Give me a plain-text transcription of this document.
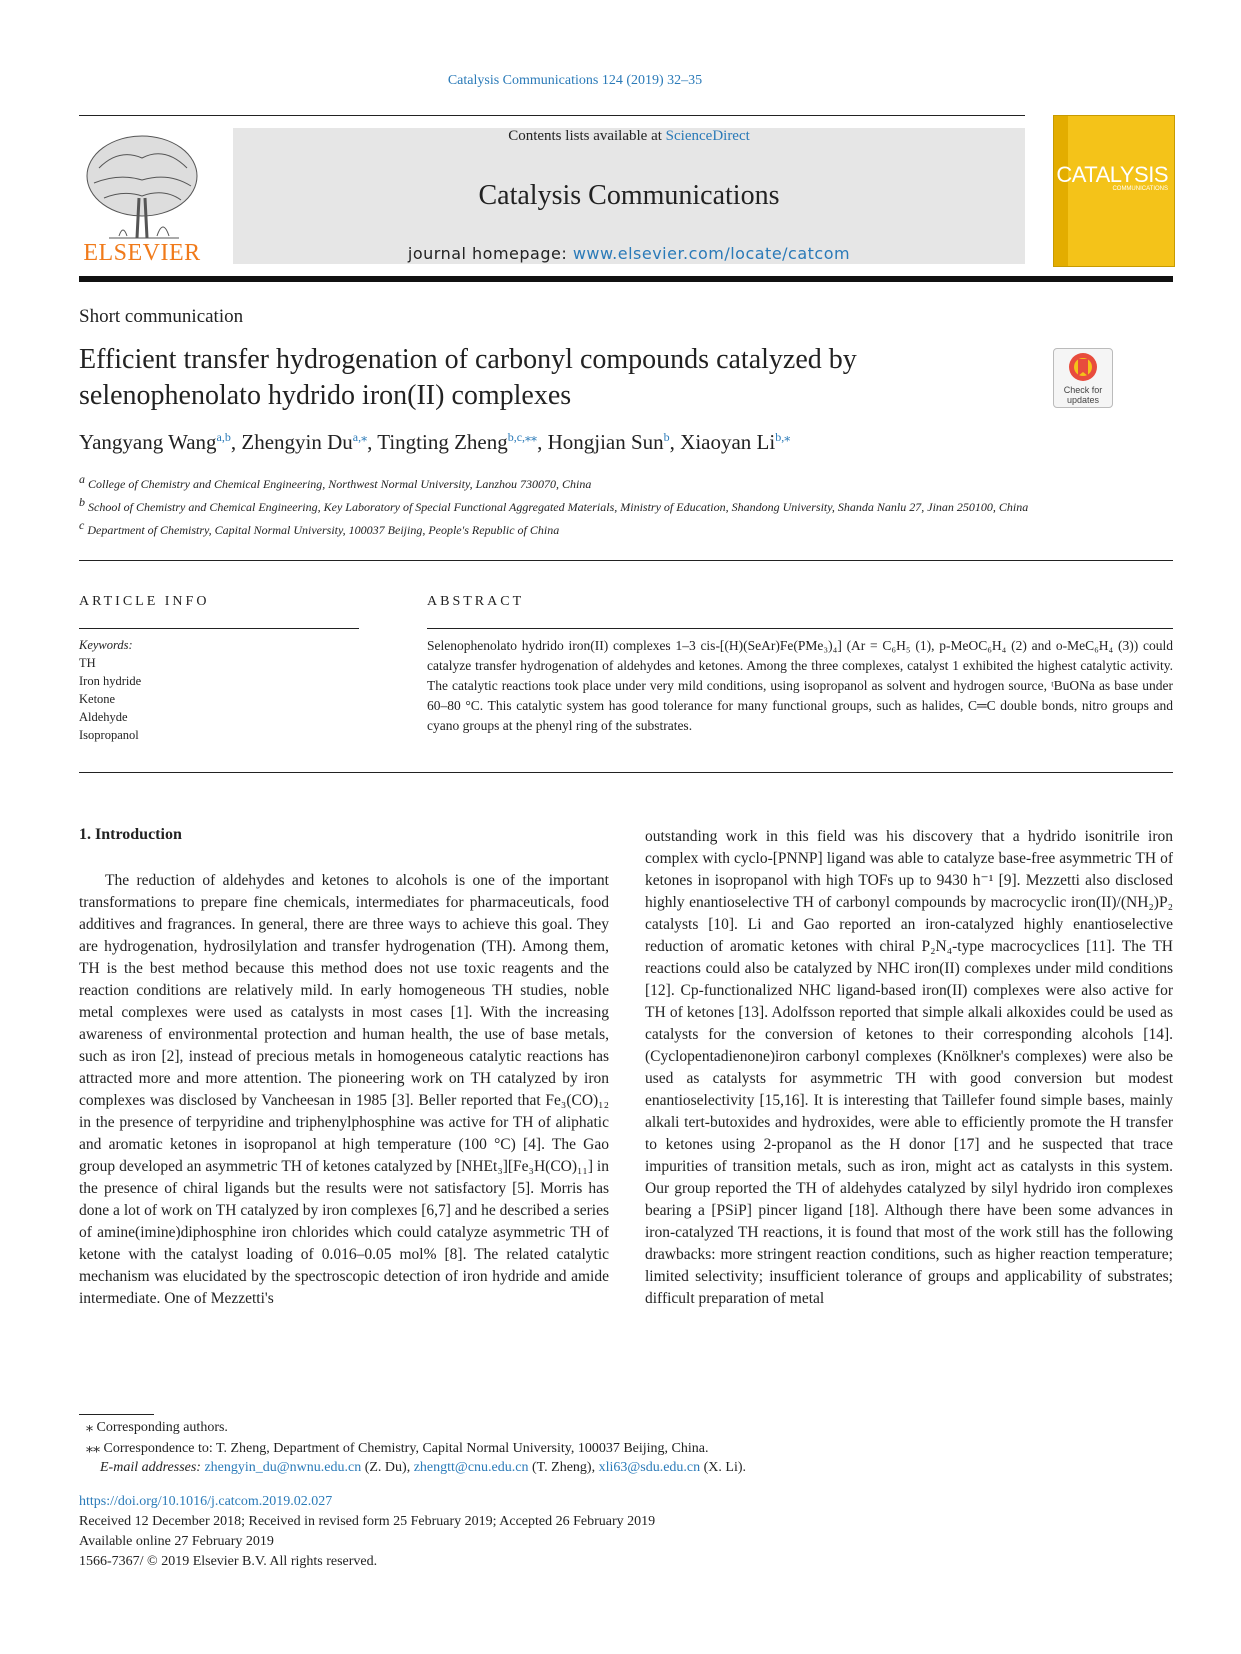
Catalysis Communications 124 (2019) 32–35
ELSEVIER
Contents lists available at ScienceDirect
Catalysis Communications
journal homepage: www.elsevier.com/locate/catcom
CATALYSIS
COMMUNICATIONS
Short communication
Efficient transfer hydrogenation of carbonyl compounds catalyzed by selenophenolato hydrido iron(II) complexes	Check for updates
Yangyang Wang$^{a,b}$, Zhengyin $Du^{a,⁎}$, Tingting Zheng$^{b,c,⁎⁎}$, Hongjian Sun$^b$, Xiaoyan $Li^{b,⁎}$
$^a$ College of Chemistry and Chemical Engineering, Northwest Normal University, Lanzhou 730070, China
$^b$ School of Chemistry and Chemical Engineering, Key Laboratory of Special Functional Aggregated Materials, Ministry of Education, Shandong University, Shanda Nanlu 27, Jinan 250100, China
$^c$ Department of Chemistry, Capital Normal University, 100037 Beijing, People's Republic of China
ARTICLE INFO	ABSTRACT
Keywords:
TH
Iron hydride
Ketone
Aldehyde
Isopropanol
Selenophenolato hydrido iron(II) complexes 1–3 cis-[(H)(SeAr)Fe(PMe₃)₄] (Ar = C₆H₅ (1), p-MeOC₆H₄ (2) and o-MeC₆H₄ (3)) could catalyze transfer hydrogenation of aldehydes and ketones. Among the three complexes, catalyst 1 exhibited the highest catalytic activity. The catalytic reactions took place under very mild conditions, using isopropanol as solvent and hydrogen source, ᵗBuONa as base under 60–80 °C. This catalytic system has good tolerance for many functional groups, such as halides, C═C double bonds, nitro groups and cyano groups at the phenyl ring of the substrates.
1. Introduction
The reduction of aldehydes and ketones to alcohols is one of the important transformations to prepare fine chemicals, intermediates for pharmaceuticals, food additives and fragrances. In general, there are three ways to achieve this goal. They are hydrogenation, hydrosilylation and transfer hydrogenation (TH). Among them, TH is the best method because this method does not use toxic reagents and the reaction conditions are relatively mild. In early homogeneous TH studies, noble metal complexes were used as catalysts in most cases [1]. With the increasing awareness of environmental protection and human health, the use of base metals, such as iron [2], instead of precious metals in homogeneous catalytic reactions has attracted more and more attention. The pioneering work on TH catalyzed by iron complexes was disclosed by Vancheesan in 1985 [3]. Beller reported that Fe₃(CO)₁₂ in the presence of terpyridine and triphenylphosphine was active for TH of aliphatic and aromatic ketones in isopropanol at high temperature (100 °C) [4]. The Gao group developed an asymmetric TH of ketones catalyzed by [NHEt₃][Fe₃H(CO)₁₁] in the presence of chiral ligands but the results were not satisfactory [5]. Morris has done a lot of work on TH catalyzed by iron complexes [6,7] and he described a series of amine(imine)diphosphine iron chlorides which could catalyze asymmetric TH of ketone with the catalyst loading of 0.016–0.05 mol% [8]. The related catalytic mechanism was elucidated by the spectroscopic detection of iron hydride and amide intermediate. One of Mezzetti's
outstanding work in this field was his discovery that a hydrido isonitrile iron complex with cyclo-[PNNP] ligand was able to catalyze base-free asymmetric TH of ketones in isopropanol with high TOFs up to 9430 h⁻¹ [9]. Mezzetti also disclosed highly enantioselective TH of carbonyl compounds by macrocyclic iron(II)/(NH₂)P₂ catalysts [10]. Li and Gao reported an iron-catalyzed highly enantioselective reduction of aromatic ketones with chiral P₂N₄-type macrocyclices [11]. The TH reactions could also be catalyzed by NHC iron(II) complexes under mild conditions [12]. Cp-functionalized NHC ligand-based iron(II) complexes were also active for TH of ketones [13]. Adolfsson reported that simple alkali alkoxides could be used as catalysts for the conversion of ketones to their corresponding alcohols [14]. (Cyclopentadienone)iron carbonyl complexes (Knölkner's complexes) were also be used as catalysts for asymmetric TH with good conversion but modest enantioselectivity [15,16]. It is interesting that Taillefer found simple bases, mainly alkali tert-butoxides and hydroxides, were able to efficiently promote the H transfer to ketones using 2-propanol as the H donor [17] and he suspected that trace impurities of transition metals, such as iron, might act as catalysts in this system. Our group reported the TH of aldehydes catalyzed by silyl hydrido iron complexes bearing a [PSiP] pincer ligand [18]. Although there have been some advances in iron-catalyzed TH reactions, it is found that most of the work still has the following drawbacks: more stringent reaction conditions, such as higher reaction temperature; limited selectivity; insufficient tolerance of groups and applicability of substrates; difficult preparation of metal
⁎ Corresponding authors.
⁎⁎ Correspondence to: T. Zheng, Department of Chemistry, Capital Normal University, 100037 Beijing, China.
E-mail addresses: zhengyin_du@nwnu.edu.cn (Z. Du), zhengtt@cnu.edu.cn (T. Zheng), xli63@sdu.edu.cn (X. Li).
https://doi.org/10.1016/j.catcom.2019.02.027
Received 12 December 2018; Received in revised form 25 February 2019; Accepted 26 February 2019
Available online 27 February 2019
1566-7367/ © 2019 Elsevier B.V. All rights reserved.
